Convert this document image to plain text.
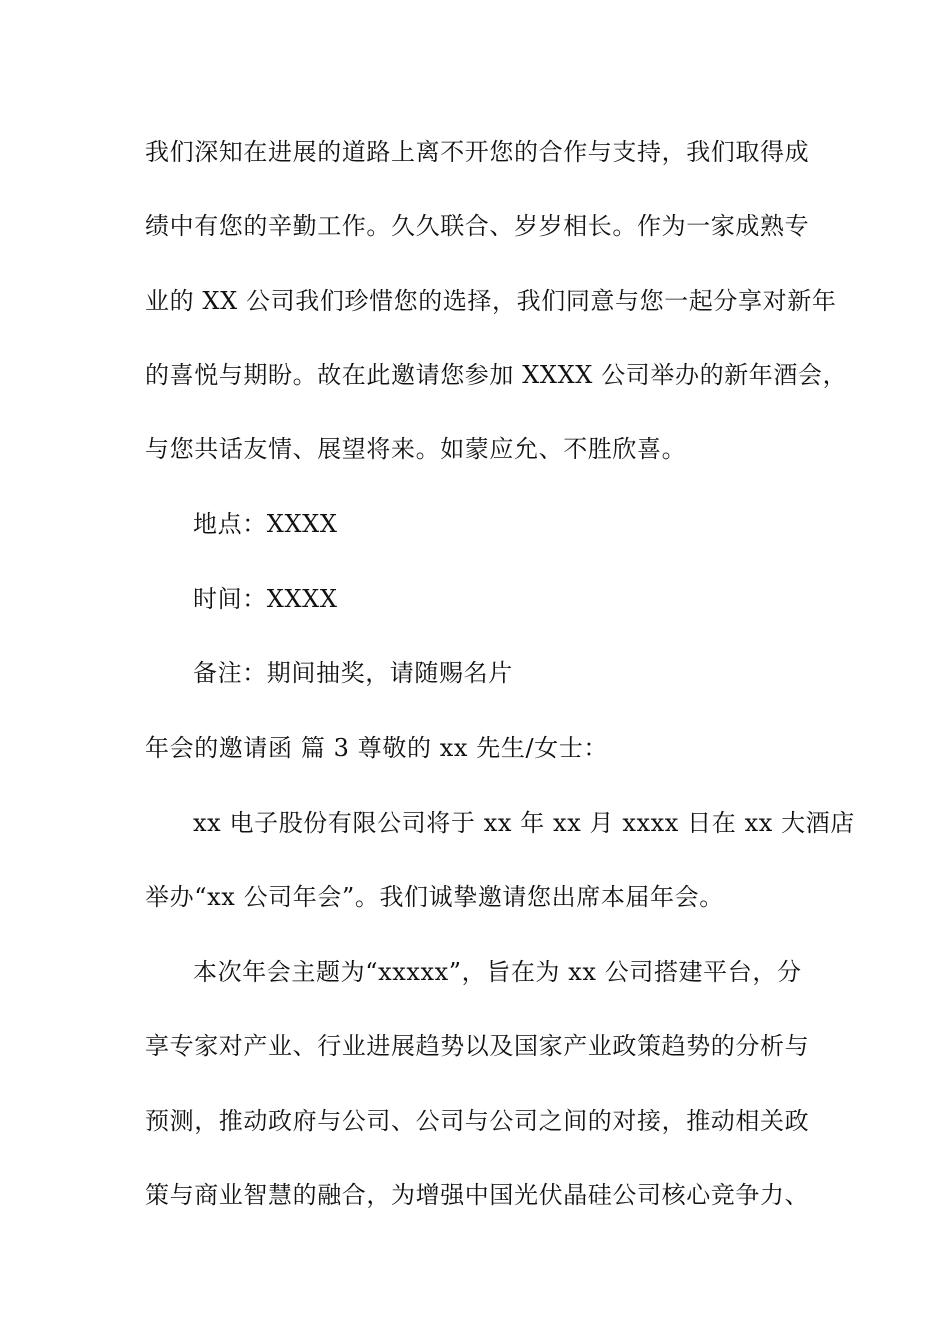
我们深知在进展的道路上离不开您的合作与支持，我们取得成
绩中有您的辛勤工作。久久联合、岁岁相长。作为一家成熟专
业的 XX 公司我们珍惜您的选择，我们同意与您一起分享对新年
的喜悦与期盼。故在此邀请您参加 XXXX 公司举办的新年酒会，
与您共话友情、展望将来。如蒙应允、不胜欣喜。
地点：XXXX
时间：XXXX
备注：期间抽奖，请随赐名片
年会的邀请函 篇 3 尊敬的 xx 先生/女士：
xx 电子股份有限公司将于 xx 年 xx 月 xxxx 日在 xx 大酒店
举办“xx 公司年会”。我们诚挚邀请您出席本届年会。
本次年会主题为“xxxxx”，旨在为 xx 公司搭建平台，分
享专家对产业、行业进展趋势以及国家产业政策趋势的分析与
预测，推动政府与公司、公司与公司之间的对接，推动相关政
策与商业智慧的融合，为增强中国光伏晶硅公司核心竞争力、
